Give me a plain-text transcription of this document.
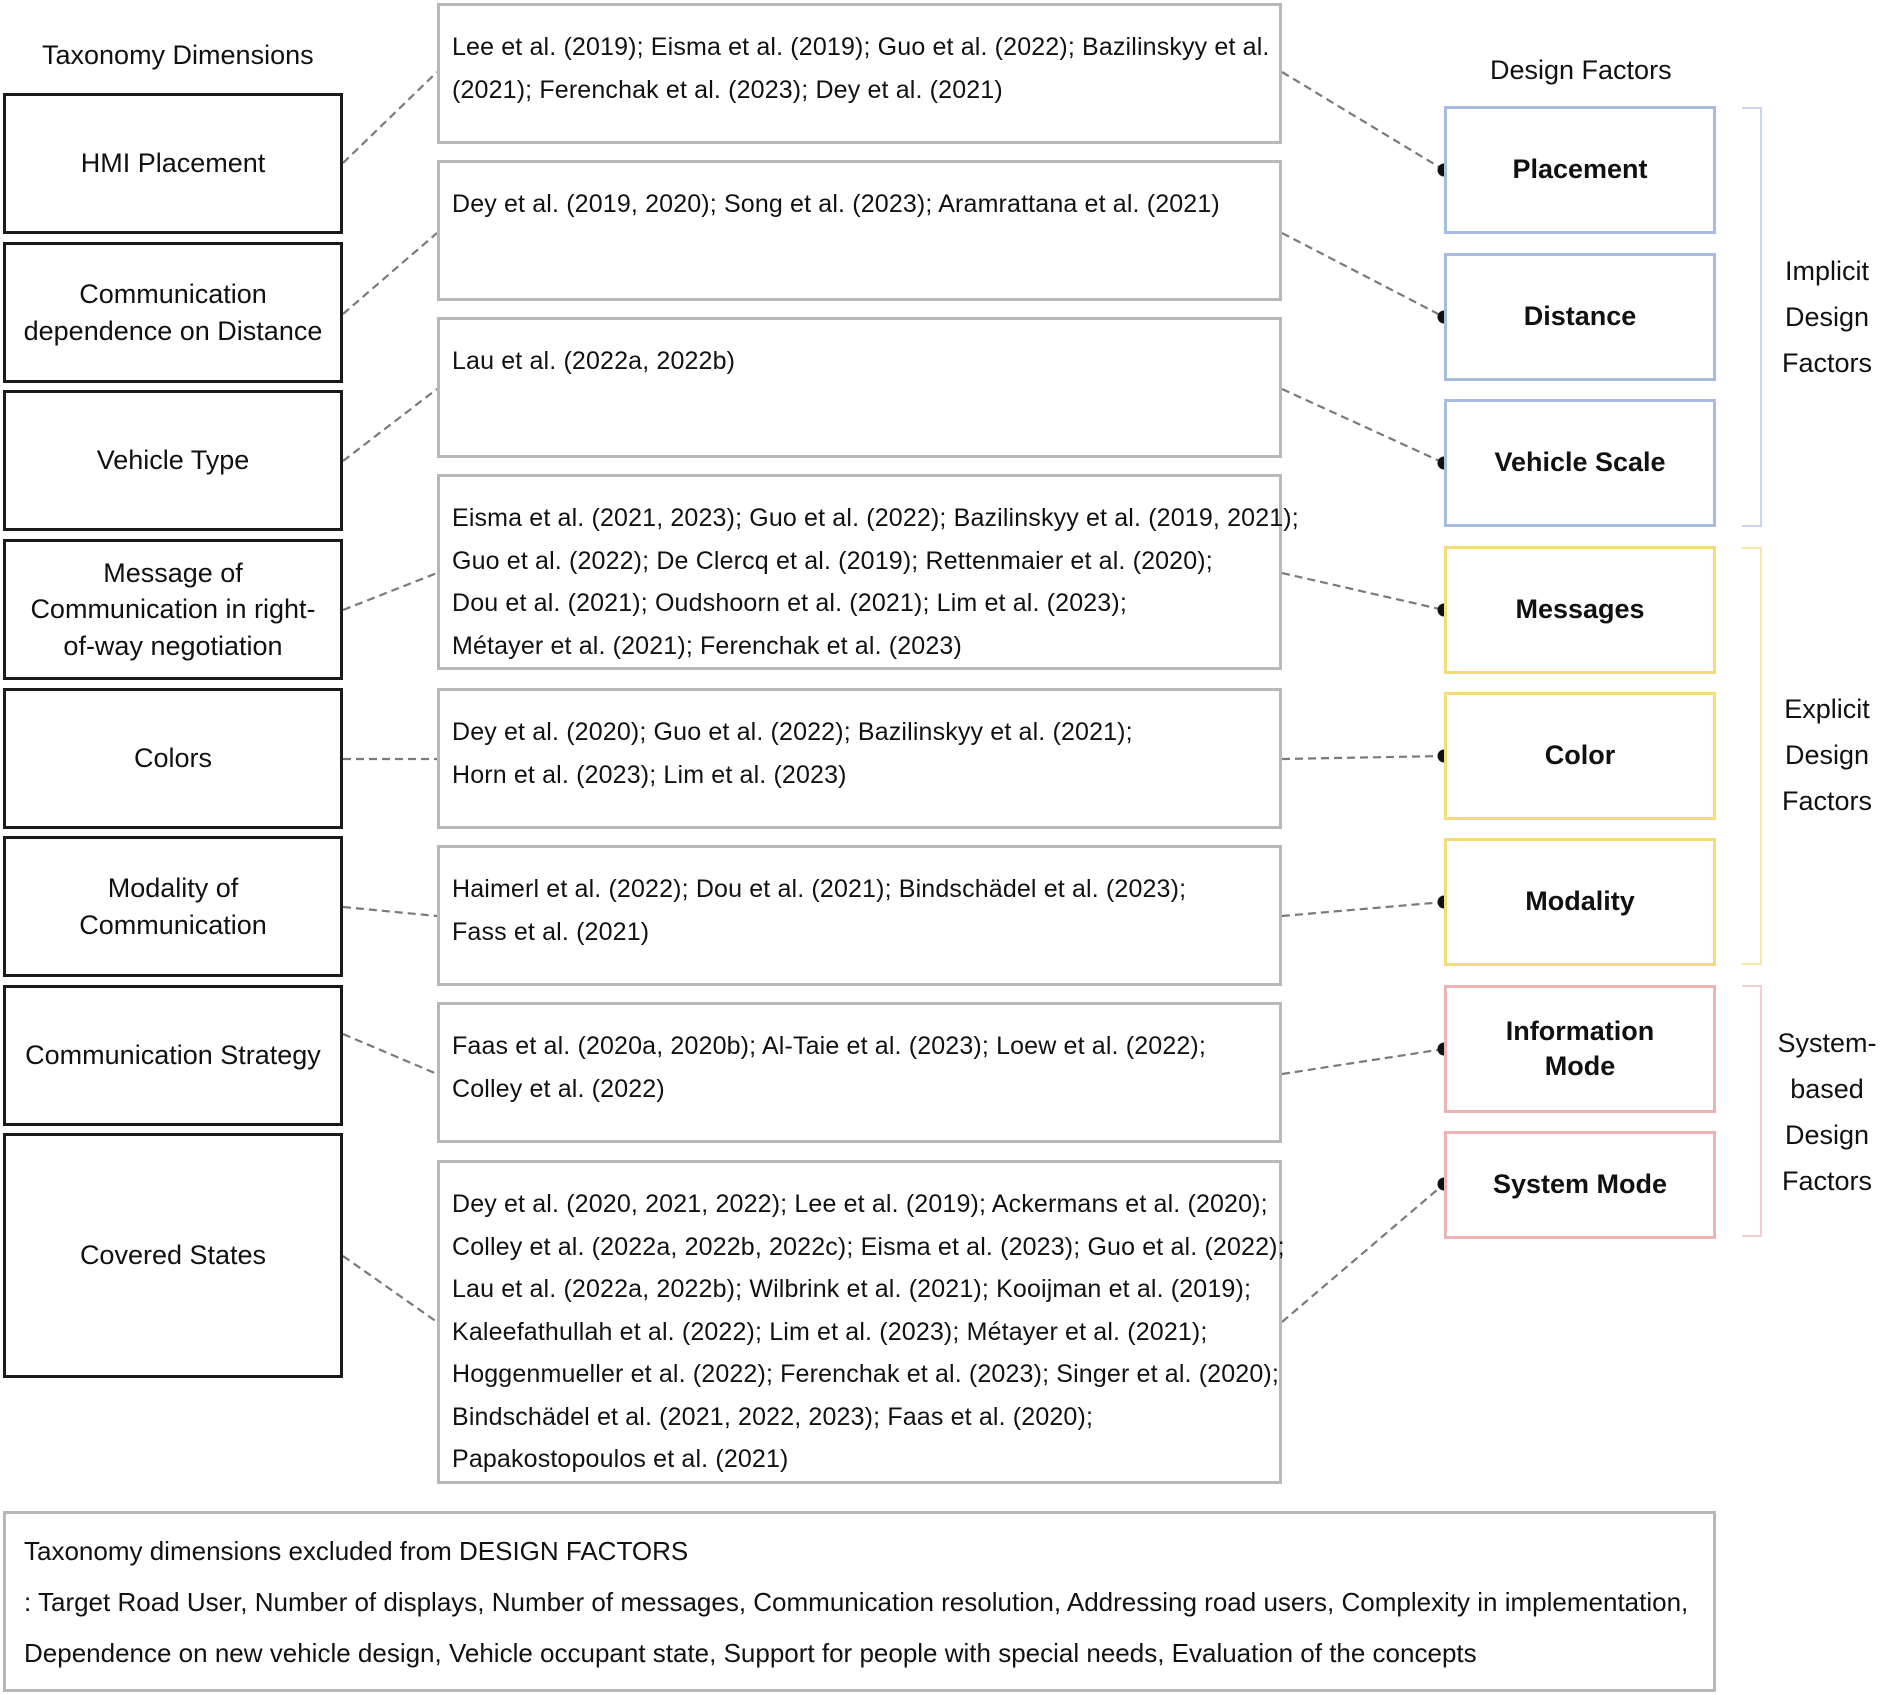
Taxonomy Dimensions	Design Factors
HMI Placement
Communication dependence on Distance
Vehicle Type
Message of Communication in right-of-way negotiation
Colors
Modality of Communication
Communication Strategy
Covered States
Lee et al. (2019); Eisma et al. (2019); Guo et al. (2022); Bazilinskyy et al.
(2021); Ferenchak et al. (2023); Dey et al. (2021)
Dey et al. (2019, 2020); Song et al. (2023); Aramrattana et al. (2021)
Lau et al. (2022a, 2022b)
Eisma et al. (2021, 2023); Guo et al. (2022); Bazilinskyy et al. (2019, 2021);
Guo et al. (2022); De Clercq et al. (2019); Rettenmaier et al. (2020);
Dou et al. (2021); Oudshoorn et al. (2021); Lim et al. (2023);
Métayer et al. (2021); Ferenchak et al. (2023)
Dey et al. (2020); Guo et al. (2022); Bazilinskyy et al. (2021);
Horn et al. (2023); Lim et al. (2023)
Haimerl et al. (2022); Dou et al. (2021); Bindschädel et al. (2023);
Fass et al. (2021)
Faas et al. (2020a, 2020b); Al-Taie et al. (2023); Loew et al. (2022);
Colley et al. (2022)
Dey et al. (2020, 2021, 2022); Lee et al. (2019); Ackermans et al. (2020);
Colley et al. (2022a, 2022b, 2022c); Eisma et al. (2023); Guo et al. (2022);
Lau et al. (2022a, 2022b); Wilbrink et al. (2021); Kooijman et al. (2019);
Kaleefathullah et al. (2022); Lim et al. (2023); Métayer et al. (2021);
Hoggenmueller et al. (2022); Ferenchak et al. (2023); Singer et al. (2020);
Bindschädel et al. (2021, 2022, 2023); Faas et al. (2020);
Papakostopoulos et al. (2021)
Placement
Distance
Vehicle Scale
Messages
Color
Modality
Information Mode
System Mode
Implicit
Design
Factors
Explicit
Design
Factors
System-
based
Design
Factors
Taxonomy dimensions excluded from DESIGN FACTORS
: Target Road User, Number of displays, Number of messages, Communication resolution, Addressing road users, Complexity in implementation,
Dependence on new vehicle design, Vehicle occupant state, Support for people with special needs, Evaluation of the concepts
